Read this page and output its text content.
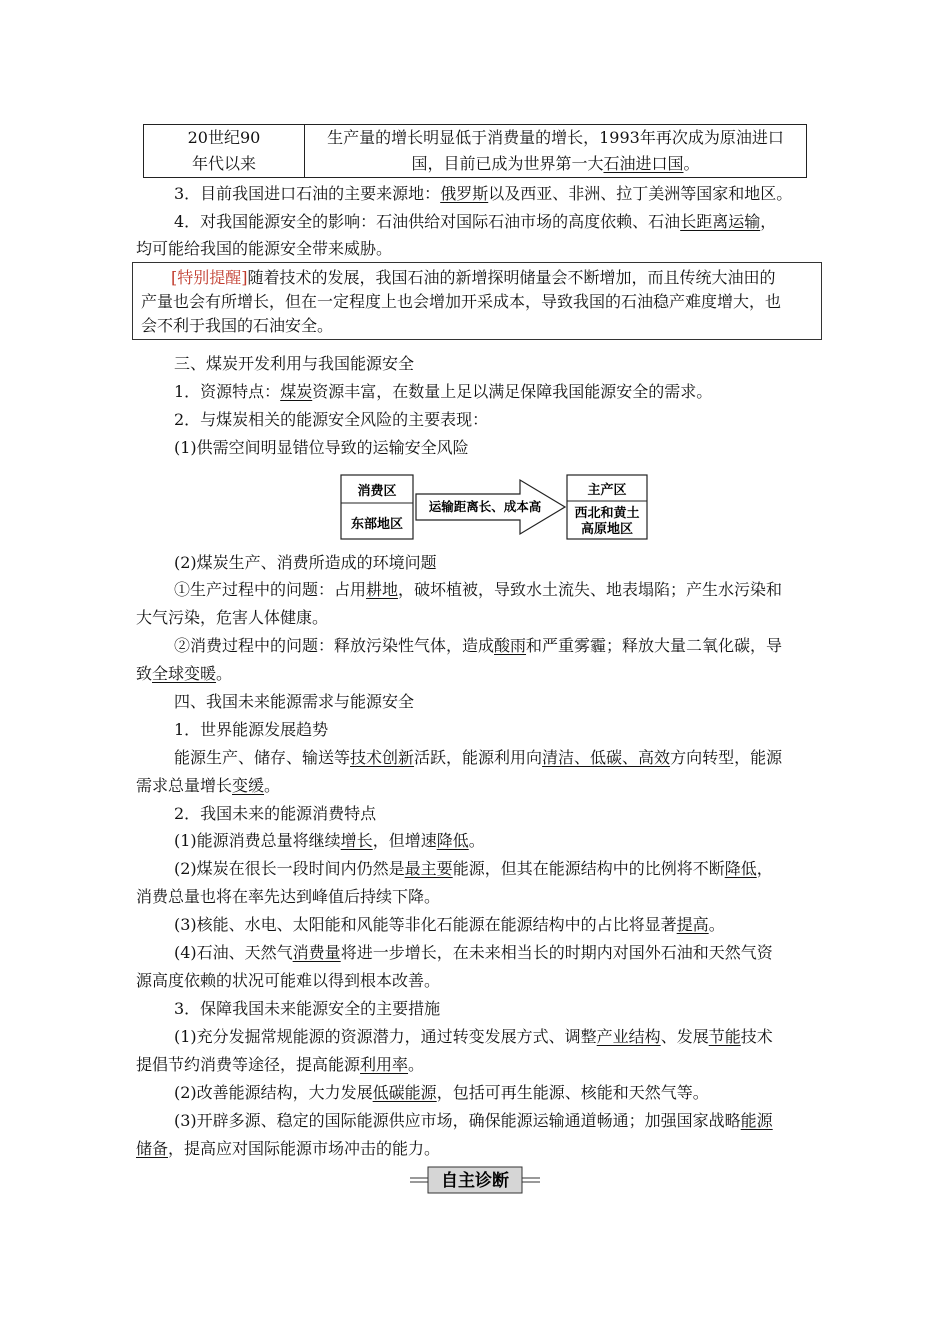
20世纪90
年代以来

生产量的增长明显低于消费量的增长，1993年再次成为原油进口
国，目前已成为世界第一大石油进口国。
3．目前我国进口石油的主要来源地：俄罗斯以及西亚、非洲、拉丁美洲等国家和地区。
4．对我国能源安全的影响：石油供给对国际石油市场的高度依赖、石油长距离运输，
均可能给我国的能源安全带来威胁。
[特别提醒]随着技术的发展，我国石油的新增探明储量会不断增加，而且传统大油田的
产量也会有所增长，但在一定程度上也会增加开采成本，导致我国的石油稳产难度增大，也
会不利于我国的石油安全。
三、煤炭开发利用与我国能源安全
1．资源特点：煤炭资源丰富，在数量上足以满足保障我国能源安全的需求。
2．与煤炭相关的能源安全风险的主要表现：
(1)供需空间明显错位导致的运输安全风险
消费区
东部地区
运输距离长、成本高
主产区
西北和黄土
高原地区
(2)煤炭生产、消费所造成的环境问题
①生产过程中的问题：占用耕地，破坏植被，导致水土流失、地表塌陷；产生水污染和
大气污染，危害人体健康。
②消费过程中的问题：释放污染性气体，造成酸雨和严重雾霾；释放大量二氧化碳，导
致全球变暖。
四、我国未来能源需求与能源安全
1．世界能源发展趋势
能源生产、储存、输送等技术创新活跃，能源利用向清洁、低碳、高效方向转型，能源
需求总量增长变缓。
2．我国未来的能源消费特点
(1)能源消费总量将继续增长，但增速降低。
(2)煤炭在很长一段时间内仍然是最主要能源，但其在能源结构中的比例将不断降低，
消费总量也将在率先达到峰值后持续下降。
(3)核能、水电、太阳能和风能等非化石能源在能源结构中的占比将显著提高。
(4)石油、天然气消费量将进一步增长，在未来相当长的时期内对国外石油和天然气资
源高度依赖的状况可能难以得到根本改善。
3．保障我国未来能源安全的主要措施
(1)充分发掘常规能源的资源潜力，通过转变发展方式、调整产业结构、发展节能技术
提倡节约消费等途径，提高能源利用率。
(2)改善能源结构，大力发展低碳能源，包括可再生能源、核能和天然气等。
(3)开辟多源、稳定的国际能源供应市场，确保能源运输通道畅通；加强国家战略能源
储备，提高应对国际能源市场冲击的能力。
自主诊断
